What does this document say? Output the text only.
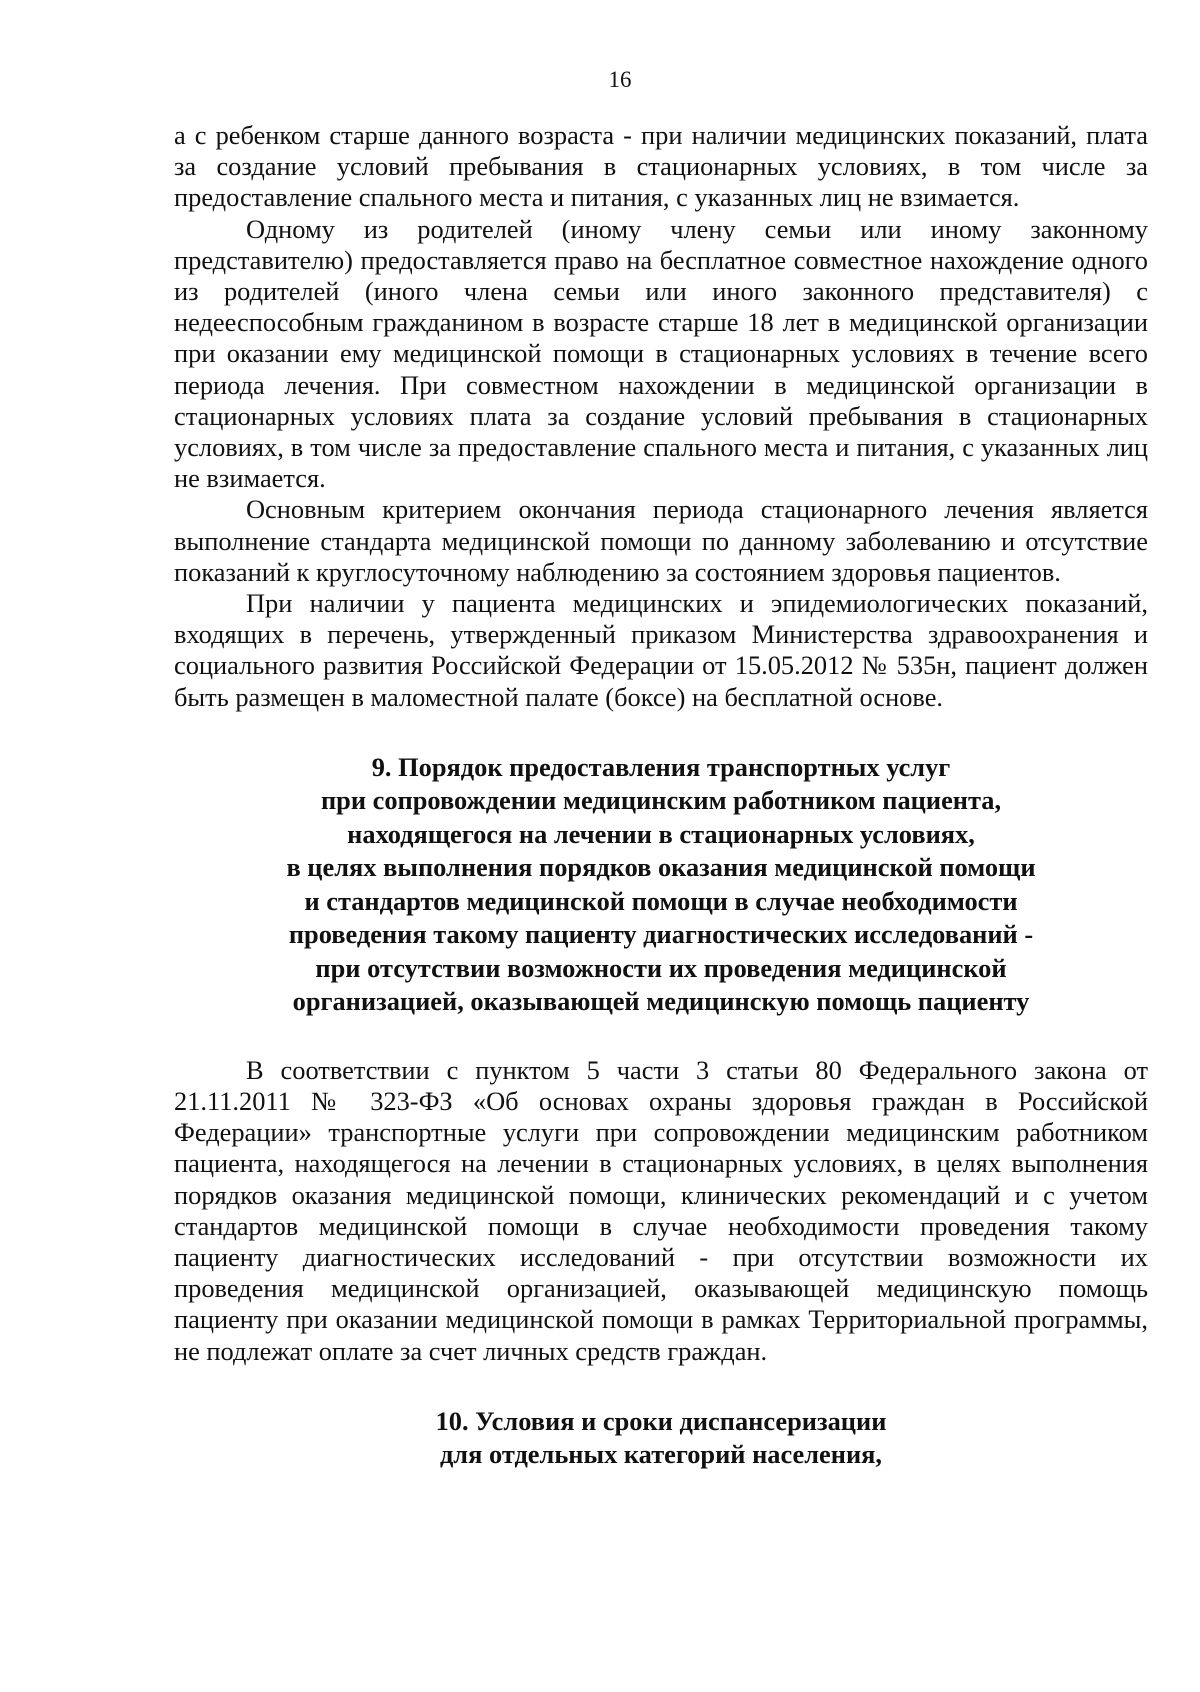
16

а с ребенком старше данного возраста - при наличии медицинских показаний, плата за создание условий пребывания в стационарных условиях, в том числе за предоставление спального места и питания, с указанных лиц не взимается.

Одному из родителей (иному члену семьи или иному законному представителю) предоставляется право на бесплатное совместное нахождение одного из родителей (иного члена семьи или иного законного представителя) с недееспособным гражданином в возрасте старше 18 лет в медицинской организации при оказании ему медицинской помощи в стационарных условиях в течение всего периода лечения. При совместном нахождении в медицинской организации в стационарных условиях плата за создание условий пребывания в стационарных условиях, в том числе за предоставление спального места и питания, с указанных лиц не взимается.

Основным критерием окончания периода стационарного лечения является выполнение стандарта медицинской помощи по данному заболеванию и отсутствие показаний к круглосуточному наблюдению за состоянием здоровья пациентов.

При наличии у пациента медицинских и эпидемиологических показаний, входящих в перечень, утвержденный приказом Министерства здравоохранения и социального развития Российской Федерации от 15.05.2012 № 535н, пациент должен быть размещен в маломестной палате (боксе) на бесплатной основе.

9. Порядок предоставления транспортных услуг
при сопровождении медицинским работником пациента,
находящегося на лечении в стационарных условиях,
в целях выполнения порядков оказания медицинской помощи
и стандартов медицинской помощи в случае необходимости
проведения такому пациенту диагностических исследований -
при отсутствии возможности их проведения медицинской
организацией, оказывающей медицинскую помощь пациенту

В соответствии с пунктом 5 части 3 статьи 80 Федерального закона от 21.11.2011 № 323-ФЗ «Об основах охраны здоровья граждан в Российской Федерации» транспортные услуги при сопровождении медицинским работником пациента, находящегося на лечении в стационарных условиях, в целях выполнения порядков оказания медицинской помощи, клинических рекомендаций и с учетом стандартов медицинской помощи в случае необходимости проведения такому пациенту диагностических исследований - при отсутствии возможности их проведения медицинской организацией, оказывающей медицинскую помощь пациенту при оказании медицинской помощи в рамках Территориальной программы, не подлежат оплате за счет личных средств граждан.

10. Условия и сроки диспансеризации
для отдельных категорий населения,
